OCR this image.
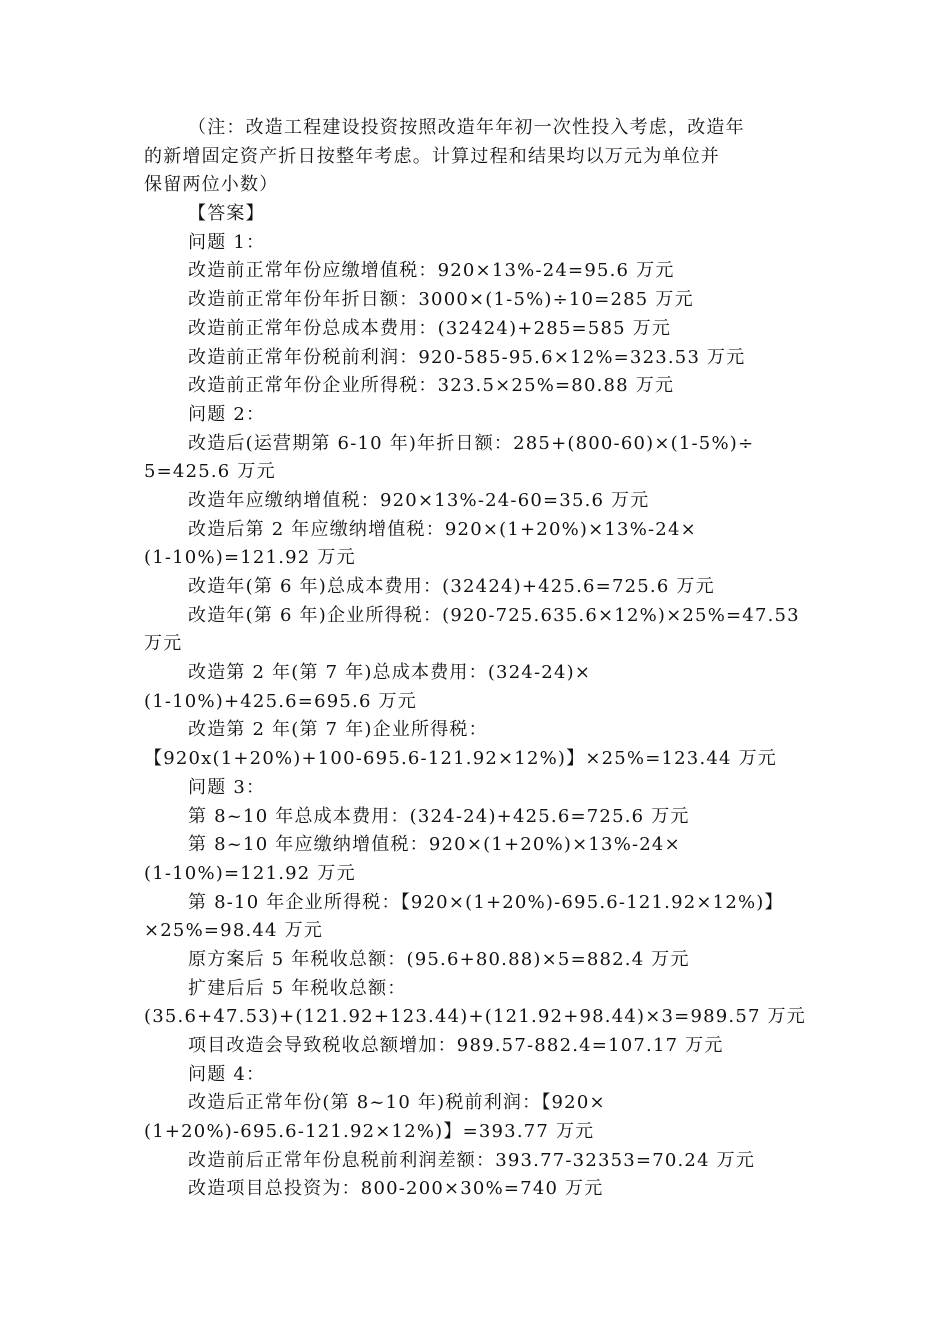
（注：改造工程建设投资按照改造年年初一次性投入考虑，改造年
的新增固定资产折日按整年考虑。计算过程和结果均以万元为单位并
保留两位小数）
【答案】
问题 1：
改造前正常年份应缴增值税：920×13%-24=95.6 万元
改造前正常年份年折日额：3000×(1-5%)÷10=285 万元
改造前正常年份总成本费用：(32424)+285=585 万元
改造前正常年份税前利润：920-585-95.6×12%=323.53 万元
改造前正常年份企业所得税：323.5×25%=80.88 万元
问题 2：
改造后(运营期第 6-10 年)年折日额：285+(800-60)×(1-5%)÷
5=425.6 万元
改造年应缴纳增值税：920×13%-24-60=35.6 万元
改造后第 2 年应缴纳增值税：920×(1+20%)×13%-24×
(1-10%)=121.92 万元
改造年(第 6 年)总成本费用：(32424)+425.6=725.6 万元
改造年(第 6 年)企业所得税：(920-725.635.6×12%)×25%=47.53
万元
改造第 2 年(第 7 年)总成本费用：(324-24)×
(1-10%)+425.6=695.6 万元
改造第 2 年(第 7 年)企业所得税：
【920x(1+20%)+100-695.6-121.92×12%)】×25%=123.44 万元
问题 3：
第 8~10 年总成本费用：(324-24)+425.6=725.6 万元
第 8~10 年应缴纳增值税：920×(1+20%)×13%-24×
(1-10%)=121.92 万元
第 8-10 年企业所得税：【920×(1+20%)-695.6-121.92×12%)】
×25%=98.44 万元
原方案后 5 年税收总额：(95.6+80.88)×5=882.4 万元
扩建后后 5 年税收总额：
(35.6+47.53)+(121.92+123.44)+(121.92+98.44)×3=989.57 万元
项目改造会导致税收总额增加：989.57-882.4=107.17 万元
问题 4：
改造后正常年份(第 8~10 年)税前利润：【920×
(1+20%)-695.6-121.92×12%)】=393.77 万元
改造前后正常年份息税前利润差额：393.77-32353=70.24 万元
改造项目总投资为：800-200×30%=740 万元
